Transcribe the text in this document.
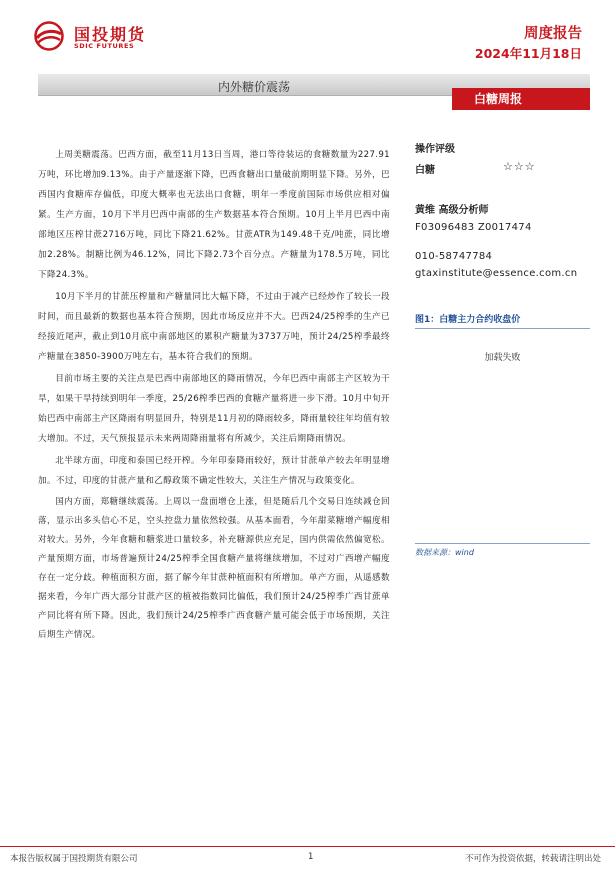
国投期货
SDIC FUTURES
周度报告
2024年11月18日
内外糖价震荡
白糖周报

上周美糖震荡。巴西方面，截至11月13日当周，港口等待装运的食糖数量为227.91万吨，环比增加9.13%。由于产量逐渐下降，巴西食糖出口量破前期明显下降。另外，巴西国内食糖库存偏低，印度大概率也无法出口食糖，明年一季度前国际市场供应相对偏紧。生产方面，10月下半月巴西中南部的生产数据基本符合预期。10月上半月巴西中南部地区压榨甘蔗2716万吨，同比下降21.62%。甘蔗ATR为149.48千克/吨蔗，同比增加2.28%。制糖比例为46.12%，同比下降2.73个百分点。产糖量为178.5万吨，同比下降24.3%。

10月下半月的甘蔗压榨量和产糖量同比大幅下降，不过由于减产已经炒作了较长一段时间，而且最新的数据也基本符合预期，因此市场反应并不大。巴西24/25榨季的生产已经接近尾声，截止到10月底中南部地区的累积产糖量为3737万吨，预计24/25榨季最终产糖量在3850-3900万吨左右，基本符合我们的预期。

目前市场主要的关注点是巴西中南部地区的降雨情况，今年巴西中南部主产区较为干旱，如果干旱持续到明年一季度，25/26榨季巴西的食糖产量将进一步下滑。10月中旬开始巴西中南部主产区降雨有明显回升，特别是11月初的降雨较多，降雨量较往年均值有较大增加。不过，天气预报显示未来两周降雨量将有所减少，关注后期降雨情况。

北半球方面，印度和泰国已经开榨。今年印泰降雨较好，预计甘蔗单产较去年明显增加。不过，印度的甘蔗产量和乙醇政策不确定性较大，关注生产情况与政策变化。

国内方面，郑糖继续震荡。上周以一盘面增仓上涨，但是随后几个交易日连续减仓回落，显示出多头信心不足，空头控盘力量依然较强。从基本面看，今年甜菜糖增产幅度相对较大。另外，今年食糖和糖浆进口量较多，补充糖源供应充足，国内供需依然偏宽松。产量预期方面，市场普遍预计24/25榨季全国食糖产量将继续增加，不过对广西增产幅度存在一定分歧。种植面积方面，据了解今年甘蔗种植面积有所增加。单产方面，从遥感数据来看，今年广西大部分甘蔗产区的植被指数同比偏低，我们预计24/25榨季广西甘蔗单产同比将有所下降。因此，我们预计24/25榨季广西食糖产量可能会低于市场预期，关注后期生产情况。

操作评级
白糖	☆☆☆
黄维 高级分析师
F03096483 Z0017474
010-58747784
gtaxinstitute@essence.com.cn
图1：白糖主力合约收盘价
加载失败
数据来源：wind
本报告版权属于国投期货有限公司	1	不可作为投资依据，转载请注明出处
